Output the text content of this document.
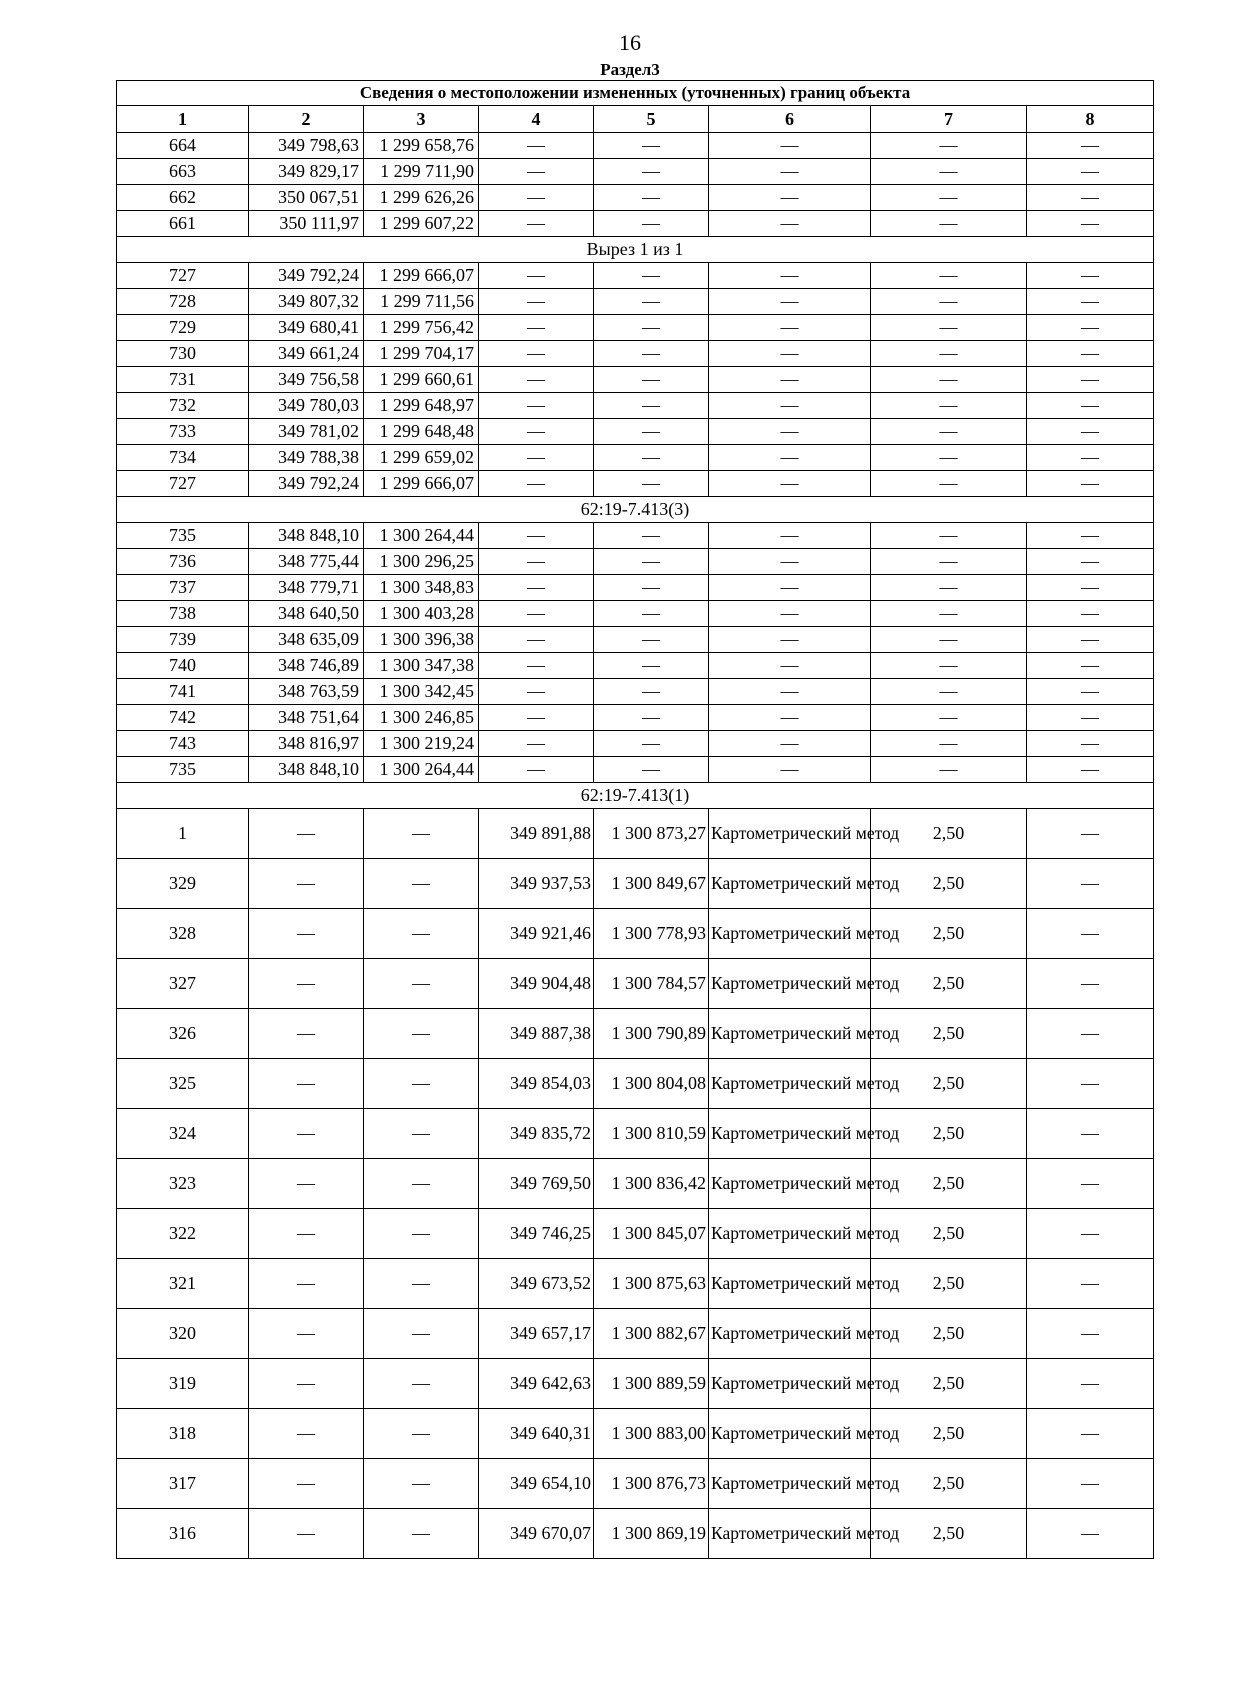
16
Раздел3
Сведения о местоположении измененных (уточненных) границ объекта							
1	2	3	4	5	6	7	8
664	349 798,63	1 299 658,76	—	—	—	—	—
663	349 829,17	1 299 711,90	—	—	—	—	—
662	350 067,51	1 299 626,26	—	—	—	—	—
661	350 111,97	1 299 607,22	—	—	—	—	—
Вырез 1 из 1							
727	349 792,24	1 299 666,07	—	—	—	—	—
728	349 807,32	1 299 711,56	—	—	—	—	—
729	349 680,41	1 299 756,42	—	—	—	—	—
730	349 661,24	1 299 704,17	—	—	—	—	—
731	349 756,58	1 299 660,61	—	—	—	—	—
732	349 780,03	1 299 648,97	—	—	—	—	—
733	349 781,02	1 299 648,48	—	—	—	—	—
734	349 788,38	1 299 659,02	—	—	—	—	—
727	349 792,24	1 299 666,07	—	—	—	—	—
62:19-7.413(3)							
735	348 848,10	1 300 264,44	—	—	—	—	—
736	348 775,44	1 300 296,25	—	—	—	—	—
737	348 779,71	1 300 348,83	—	—	—	—	—
738	348 640,50	1 300 403,28	—	—	—	—	—
739	348 635,09	1 300 396,38	—	—	—	—	—
740	348 746,89	1 300 347,38	—	—	—	—	—
741	348 763,59	1 300 342,45	—	—	—	—	—
742	348 751,64	1 300 246,85	—	—	—	—	—
743	348 816,97	1 300 219,24	—	—	—	—	—
735	348 848,10	1 300 264,44	—	—	—	—	—
62:19-7.413(1)							
1	—	—	349 891,88	1 300 873,27	Картометрический метод	2,50	—
329	—	—	349 937,53	1 300 849,67	Картометрический метод	2,50	—
328	—	—	349 921,46	1 300 778,93	Картометрический метод	2,50	—
327	—	—	349 904,48	1 300 784,57	Картометрический метод	2,50	—
326	—	—	349 887,38	1 300 790,89	Картометрический метод	2,50	—
325	—	—	349 854,03	1 300 804,08	Картометрический метод	2,50	—
324	—	—	349 835,72	1 300 810,59	Картометрический метод	2,50	—
323	—	—	349 769,50	1 300 836,42	Картометрический метод	2,50	—
322	—	—	349 746,25	1 300 845,07	Картометрический метод	2,50	—
321	—	—	349 673,52	1 300 875,63	Картометрический метод	2,50	—
320	—	—	349 657,17	1 300 882,67	Картометрический метод	2,50	—
319	—	—	349 642,63	1 300 889,59	Картометрический метод	2,50	—
318	—	—	349 640,31	1 300 883,00	Картометрический метод	2,50	—
317	—	—	349 654,10	1 300 876,73	Картометрический метод	2,50	—
316	—	—	349 670,07	1 300 869,19	Картометрический метод	2,50	—
